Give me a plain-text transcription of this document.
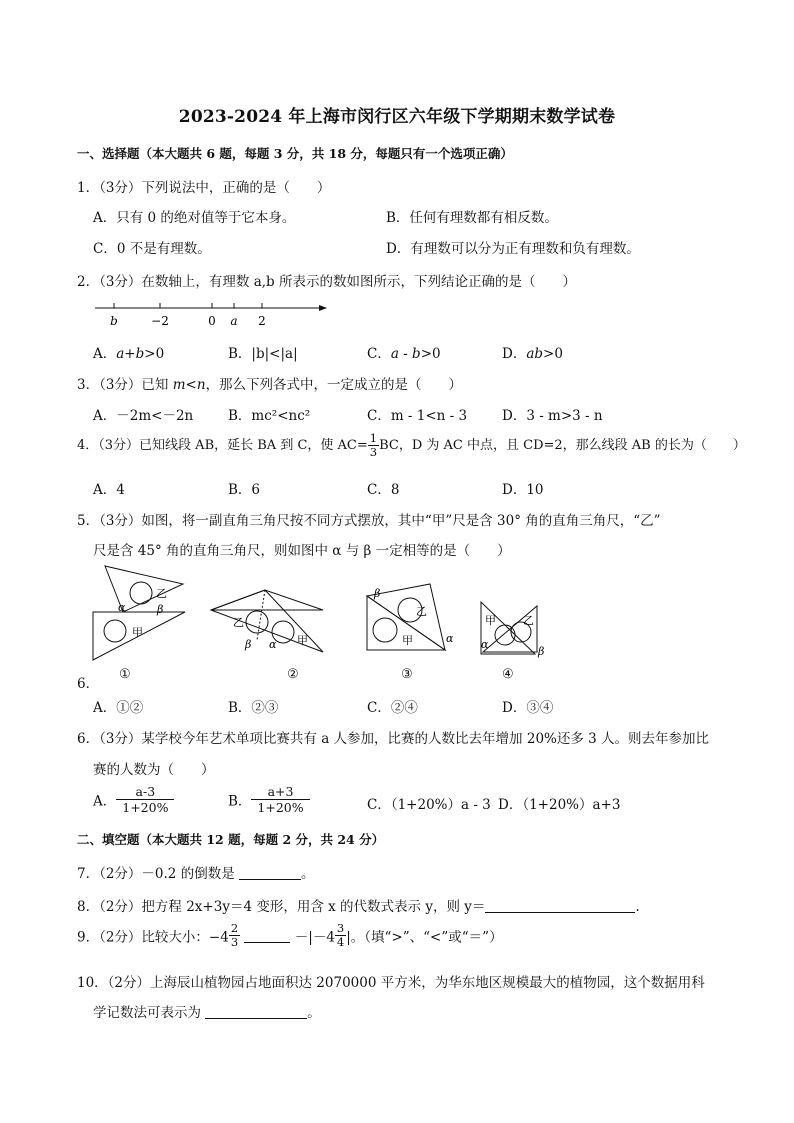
2023-2024 年上海市闵行区六年级下学期期末数学试卷
一、选择题（本大题共 6 题，每题 3 分，共 18 分，每题只有一个选项正确）
1．（3分）下列说法中，正确的是（　　）
A．只有 0 的绝对值等于它本身。	B．任何有理数都有相反数。
C．0 不是有理数。	D．有理数可以分为正有理数和负有理数。
2．（3分）在数轴上，有理数 a,b 所表示的数如图所示，下列结论正确的是（　　）
b	−2	0 a 2
A．a+b>0	B．|b|<|a|	C．a - b>0	D．ab>0
3．（3分）已知 m<n，那么下列各式中，一定成立的是（　　）
A．－2m<－2n	B．mc²<nc²	C．m - 1<n - 3	D．3 - m>3 - n
4．（3分）已知线段 AB，延长 BA 到 C，使 $AC= \frac{1}{3}$ BC，D 为 AC 中点，且 CD=2，那么线段 AB 的长为（　　）
A．4	B．6	C．8	D．10
5．（3分）如图，将一副直角三角尺按不同方式摆放，其中“甲”尺是含 30° 角的直角三角尺，“乙”
尺是含 45° 角的直角三角尺，则如图中 α 与 β 一定相等的是（　　）
乙
甲
α	β
乙
甲
β α
β
乙
甲	α
甲 乙
α
β
6．
①	②	③	④
A．①②	B．②③	C．②④	D．③④
6．（3分）某学校今年艺术单项比赛共有 a 人参加，比赛的人数比去年增加 20%还多 3 人。则去年参加比
赛的人数为（　　）
A． $\frac{a-3}{1+20\%}$	B． $\frac{a+3}{1+20\%}$	C．（1+20%）a - 3 D．（1+20%）a+3
二、填空题（本大题共 12 题，每题 2 分，共 24 分）
7．（2分）－0.2 的倒数是	。
8．（2分）把方程 2x+3y＝4 变形，用含 x 的代数式表示 y，则 y＝	.
9．（2分）比较大小：$-4 \frac{2}{3}$	$-|-4 \frac{3}{4}$ |。（填“>”、“<”或“＝”）
10．（2分）上海辰山植物园占地面积达 2070000 平方米，为华东地区规模最大的植物园，这个数据用科
学记数法可表示为	。
